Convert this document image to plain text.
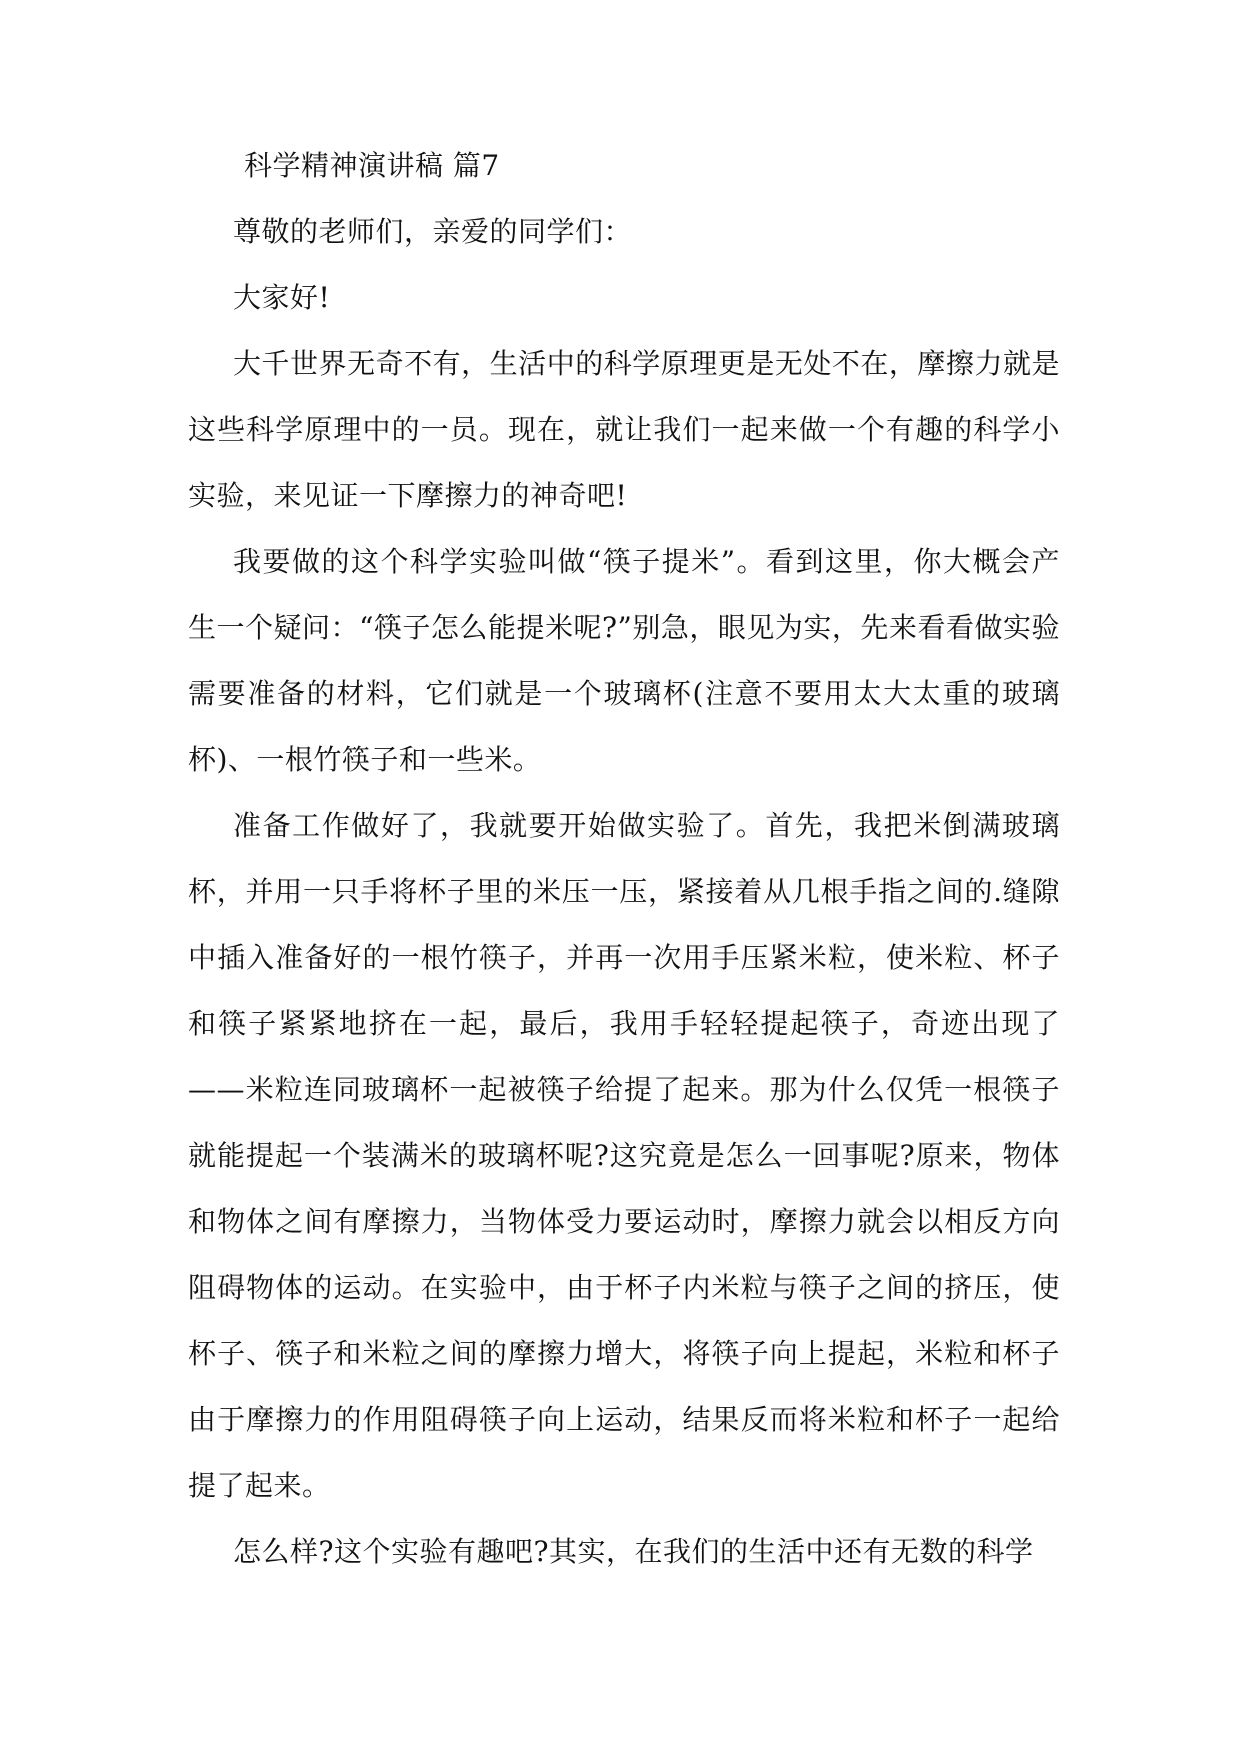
科学精神演讲稿 篇7

尊敬的老师们，亲爱的同学们：

大家好!

大千世界无奇不有，生活中的科学原理更是无处不在，摩擦力就是这些科学原理中的一员。现在，就让我们一起来做一个有趣的科学小实验，来见证一下摩擦力的神奇吧!

我要做的这个科学实验叫做“筷子提米”。看到这里，你大概会产生一个疑问：“筷子怎么能提米呢?”别急，眼见为实，先来看看做实验需要准备的材料，它们就是一个玻璃杯(注意不要用太大太重的玻璃杯)、一根竹筷子和一些米。

准备工作做好了，我就要开始做实验了。首先，我把米倒满玻璃杯，并用一只手将杯子里的米压一压，紧接着从几根手指之间的.缝隙中插入准备好的一根竹筷子，并再一次用手压紧米粒，使米粒、杯子和筷子紧紧地挤在一起，最后，我用手轻轻提起筷子，奇迹出现了——米粒连同玻璃杯一起被筷子给提了起来。那为什么仅凭一根筷子就能提起一个装满米的玻璃杯呢?这究竟是怎么一回事呢?原来，物体和物体之间有摩擦力，当物体受力要运动时，摩擦力就会以相反方向阻碍物体的运动。在实验中，由于杯子内米粒与筷子之间的挤压，使杯子、筷子和米粒之间的摩擦力增大，将筷子向上提起，米粒和杯子由于摩擦力的作用阻碍筷子向上运动，结果反而将米粒和杯子一起给提了起来。

怎么样?这个实验有趣吧?其实，在我们的生活中还有无数的科学
